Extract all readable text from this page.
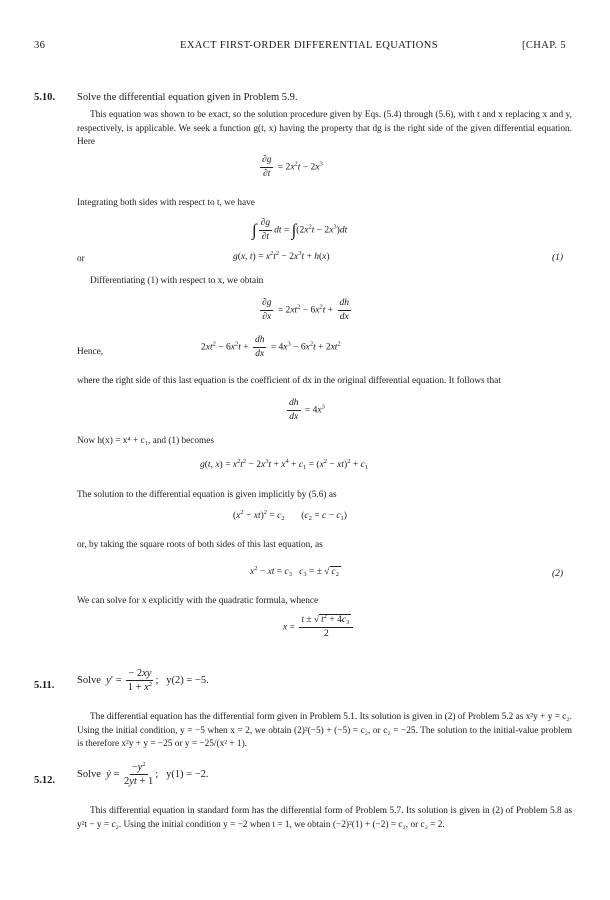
36	EXACT FIRST-ORDER DIFFERENTIAL EQUATIONS	[CHAP. 5
5.10. Solve the differential equation given in Problem 5.9.
This equation was shown to be exact, so the solution procedure given by Eqs. (5.4) through (5.6), with t and x replacing x and y, respectively, is applicable. We seek a function g(t, x) having the property that dg is the right side of the given differential equation. Here
$\frac{\partial g}{\partial t} = 2x^2t - 2x^3$
Integrating both sides with respect to t, we have
∫ $\frac{\partial g}{\partial t}$ dt = $\int(2x^2t - 2x^3)dt$
or	g(x, $t) = x^2t^2 - 2x^3t + h(x)$	(1)
Differentiating (1) with respect to x, we obtain
$\frac{\partial g}{\partial x} = 2xt^2 - 6x^2t + \frac{dh}{dx}$
Hence,	$2xt^2 - 6x^2t + \frac{dh}{dx} = 4x^3 - 6x^2t + 2xt^2$
where the right side of this last equation is the coefficient of dx in the original differential equation. It follows that
$\frac{dh}{dx} = 4x^3$
Now h(x) = x⁴ + c₁, and (1) becomes
g(t, $x) = x^2t^2 - 2x^3t + x^4 + c_1 = (x^2 - xt)^2 + c_1$
The solution to the differential equation is given implicitly by (5.6) as
$(x^2 - xt)^2 = c_2$       $(c_2 = c - c_1)$
or, by taking the square roots of both sides of this last equation, as
$x^2$ − xt = $c_3$ $c_3$ = ± √ $c_2$	(2)
We can solve for x explicitly with the quadratic formula, whence
$x = \frac{t \pm √ t^2 + 4c_3}{2}$
5.11. Solve $y' = \frac{- 2xy}{1 + x^2}$ ;   y(2) = −5.
The differential equation has the differential form given in Problem 5.1. Its solution is given in (2) of Problem 5.2 as x²y + y = c₂. Using the initial condition, y = −5 when x = 2, we obtain (2)²(−5) + (−5) = c₂, or c₂ = −25. The solution to the initial-value problem is therefore x²y + y = −25 or y = −25/(x² + 1).
5.12.
Solve ẏ = $\frac{-y^2}{2yt + 1}$ ;   y(1) = −2.
This differential equation in standard form has the differential form of Problem 5.7. Its solution is given in (2) of Problem 5.8 as y²t − y = c₂. Using the initial condition y = −2 when t = 1, we obtain (−2)²(1) + (−2) = c₂, or c₂ = 2.
